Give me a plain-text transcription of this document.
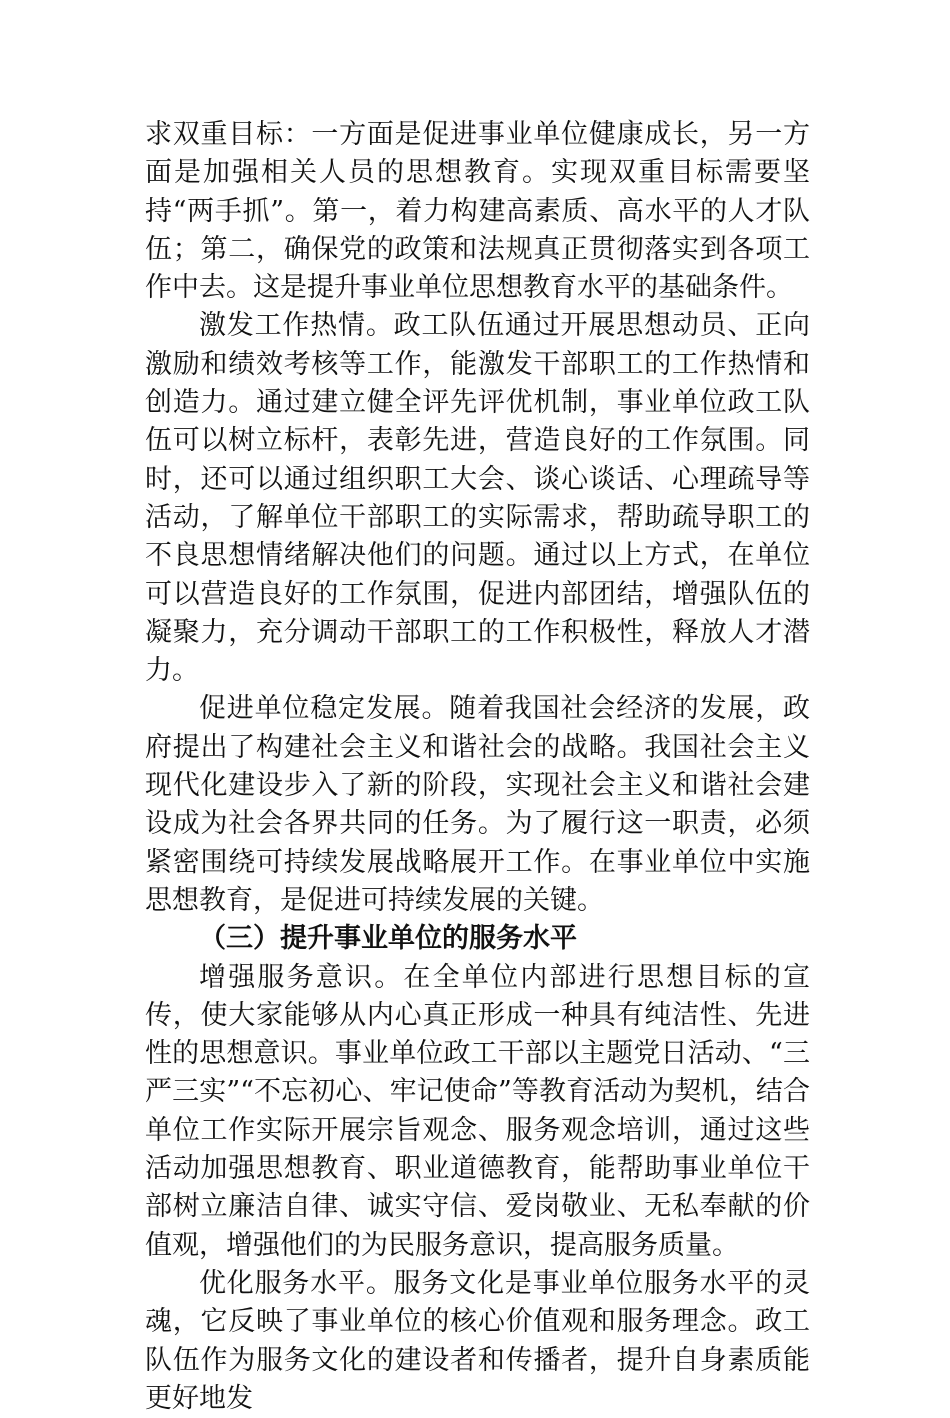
求双重目标：一方面是促进事业单位健康成长，另一方面是加强相关人员的思想教育。实现双重目标需要坚持“两手抓”。第一，着力构建高素质、高水平的人才队伍；第二，确保党的政策和法规真正贯彻落实到各项工作中去。这是提升事业单位思想教育水平的基础条件。

激发工作热情。政工队伍通过开展思想动员、正向激励和绩效考核等工作，能激发干部职工的工作热情和创造力。通过建立健全评先评优机制，事业单位政工队伍可以树立标杆，表彰先进，营造良好的工作氛围。同时，还可以通过组织职工大会、谈心谈话、心理疏导等活动，了解单位干部职工的实际需求，帮助疏导职工的不良思想情绪解决他们的问题。通过以上方式，在单位可以营造良好的工作氛围，促进内部团结，增强队伍的凝聚力，充分调动干部职工的工作积极性，释放人才潜力。

促进单位稳定发展。随着我国社会经济的发展，政府提出了构建社会主义和谐社会的战略。我国社会主义现代化建设步入了新的阶段，实现社会主义和谐社会建设成为社会各界共同的任务。为了履行这一职责，必须紧密围绕可持续发展战略展开工作。在事业单位中实施思想教育，是促进可持续发展的关键。

（三）提升事业单位的服务水平

增强服务意识。在全单位内部进行思想目标的宣传，使大家能够从内心真正形成一种具有纯洁性、先进性的思想意识。事业单位政工干部以主题党日活动、“三严三实”“不忘初心、牢记使命”等教育活动为契机，结合单位工作实际开展宗旨观念、服务观念培训，通过这些活动加强思想教育、职业道德教育，能帮助事业单位干部树立廉洁自律、诚实守信、爱岗敬业、无私奉献的价值观，增强他们的为民服务意识，提高服务质量。

优化服务水平。服务文化是事业单位服务水平的灵魂，它反映了事业单位的核心价值观和服务理念。政工队伍作为服务文化的建设者和传播者，提升自身素质能更好地发
